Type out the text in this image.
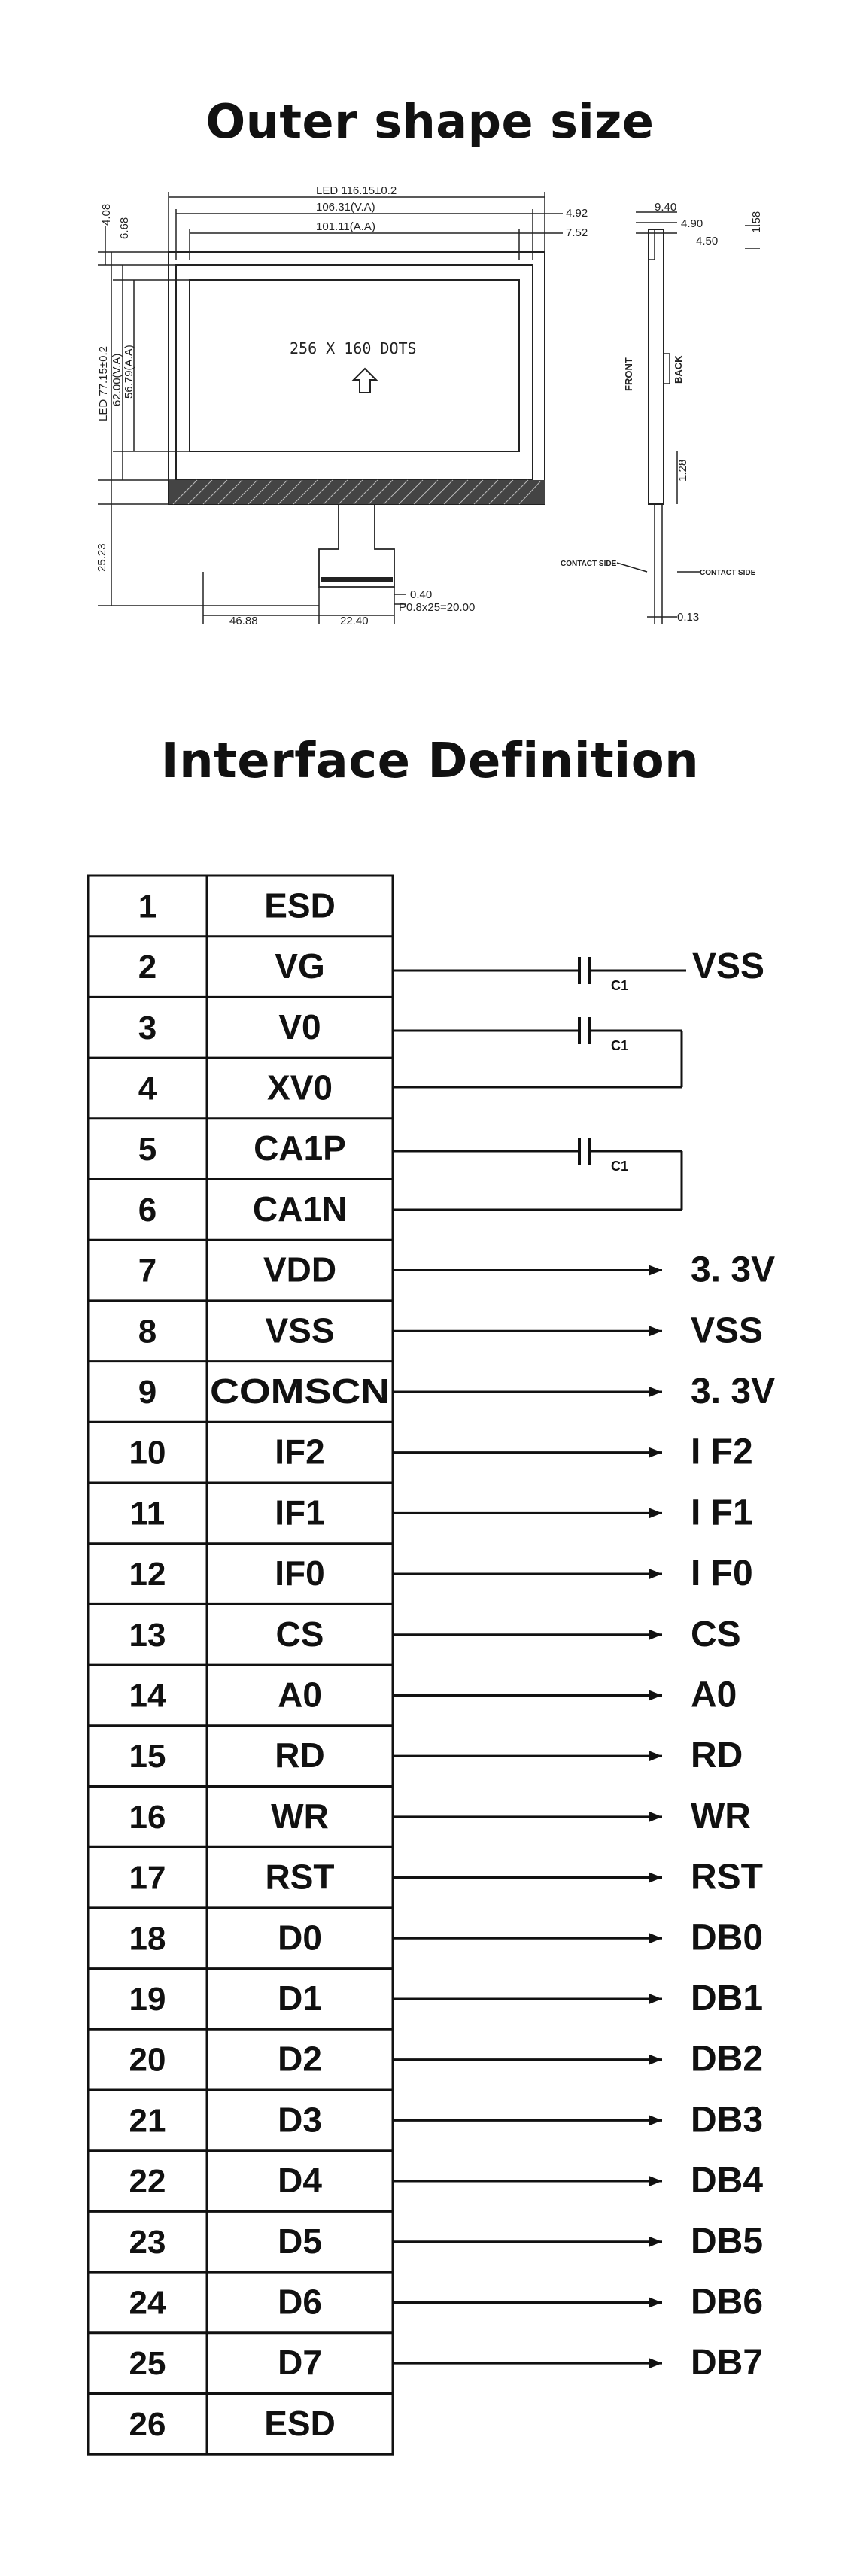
Outer shape size
Interface Definition
LED 116.15±0.2
106.31(V.A)
101.11(A.A)
4.92
7.52
4.08
6.68
LED 77.15±0.2 62.00(V.A) 56.79(A.A)	256 X 160 DOTS
25.23
0.40
P0.8x25=20.00
46.88	22.40
9.40
4.90
4.50
1.58
FRONT	BACK
1.28
CONTACT SIDE
CONTACT SIDE
0.13
C1
C1
C1
1	ESD
2	VG	VSS
3	V0
4	XV0
5	CA1P
6	CA1N
7	VDD	3. 3V
8	VSS	VSS
9 COMSCN	3. 3V
10	IF2	I F2
11	IF1	I F1
12	IF0	I F0
13	CS	CS
14	A0	A0
15	RD	RD
16	WR	WR
17	RST	RST
18	D0	DB0
19	D1	DB1
20	D2	DB2
21	D3	DB3
22	D4	DB4
23	D5	DB5
24	D6	DB6
25	D7	DB7
26	ESD
